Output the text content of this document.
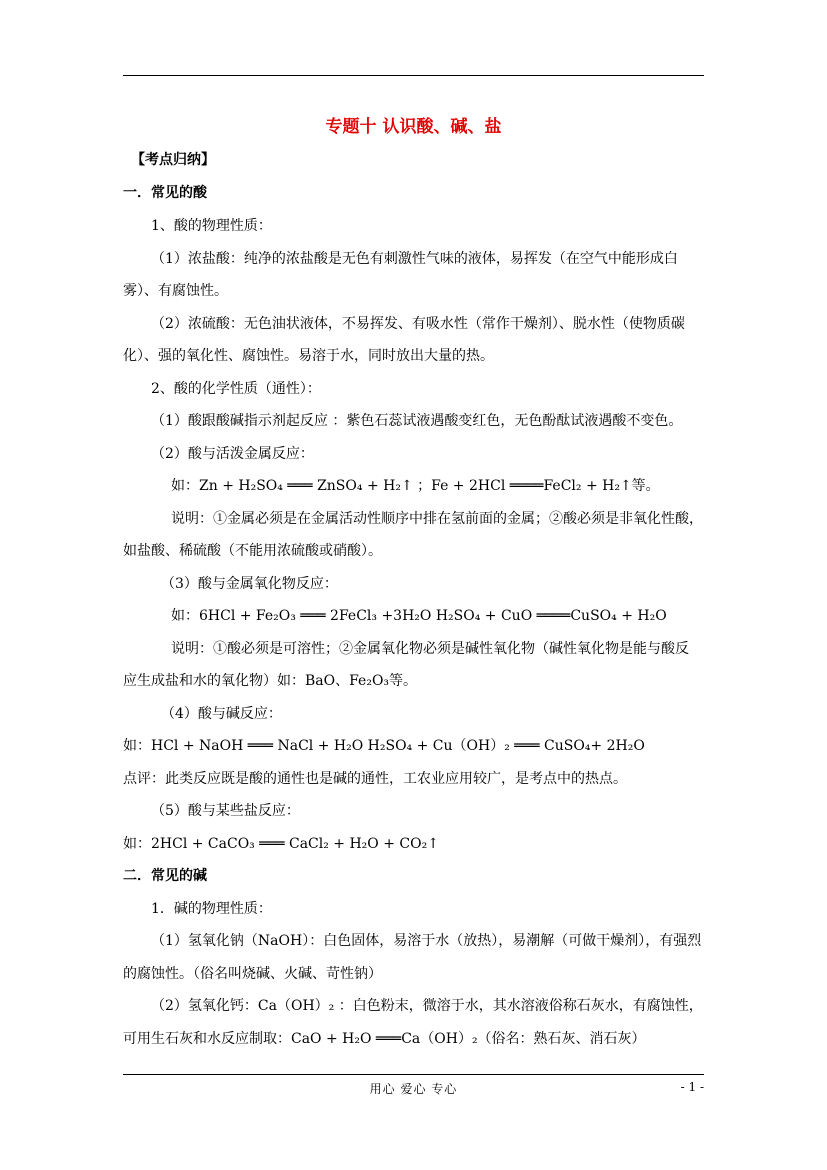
专题十 认识酸、碱、盐
【考点归纳】
一．常见的酸
1、酸的物理性质：
（1）浓盐酸：纯净的浓盐酸是无色有刺激性气味的液体，易挥发（在空气中能形成白
雾）、有腐蚀性。
（2）浓硫酸：无色油状液体，不易挥发、有吸水性（常作干燥剂）、脱水性（使物质碳
化）、强的氧化性、腐蚀性。易溶于水，同时放出大量的热。
2、酸的化学性质（通性）：
（1）酸跟酸碱指示剂起反应 ：紫色石蕊试液遇酸变红色，无色酚酞试液遇酸不变色。
（2）酸与活泼金属反应：
如：Zn + H₂SO₄ ═══ ZnSO₄ + H₂↑ ；Fe + 2HCl ════FeCl₂ + H₂↑等。
说明：①金属必须是在金属活动性顺序中排在氢前面的金属；②酸必须是非氧化性酸，
如盐酸、稀硫酸（不能用浓硫酸或硝酸）。
（3）酸与金属氧化物反应：
如：6HCl + Fe₂O₃ ═══ 2FeCl₃ +3H₂O H₂SO₄ + CuO ════CuSO₄ + H₂O
说明：①酸必须是可溶性；②金属氧化物必须是碱性氧化物（碱性氧化物是能与酸反
应生成盐和水的氧化物）如：BaO、Fe₂O₃等。
（4）酸与碱反应：
如：HCl + NaOH ═══ NaCl + H₂O H₂SO₄ + Cu（OH）₂ ═══ CuSO₄+ 2H₂O
点评：此类反应既是酸的通性也是碱的通性，工农业应用较广，是考点中的热点。
（5）酸与某些盐反应：
如：2HCl + CaCO₃ ═══ CaCl₂ + H₂O + CO₂↑
二．常见的碱
1．碱的物理性质：
（1）氢氧化钠（NaOH）：白色固体，易溶于水（放热），易潮解（可做干燥剂），有强烈
的腐蚀性。（俗名叫烧碱、火碱、苛性钠）
（2）氢氧化钙：Ca（OH）₂ ：白色粉末，微溶于水，其水溶液俗称石灰水，有腐蚀性，
可用生石灰和水反应制取：CaO + H₂O ═══Ca（OH）₂（俗名：熟石灰、消石灰）
用心 爱心 专心	- 1 -
